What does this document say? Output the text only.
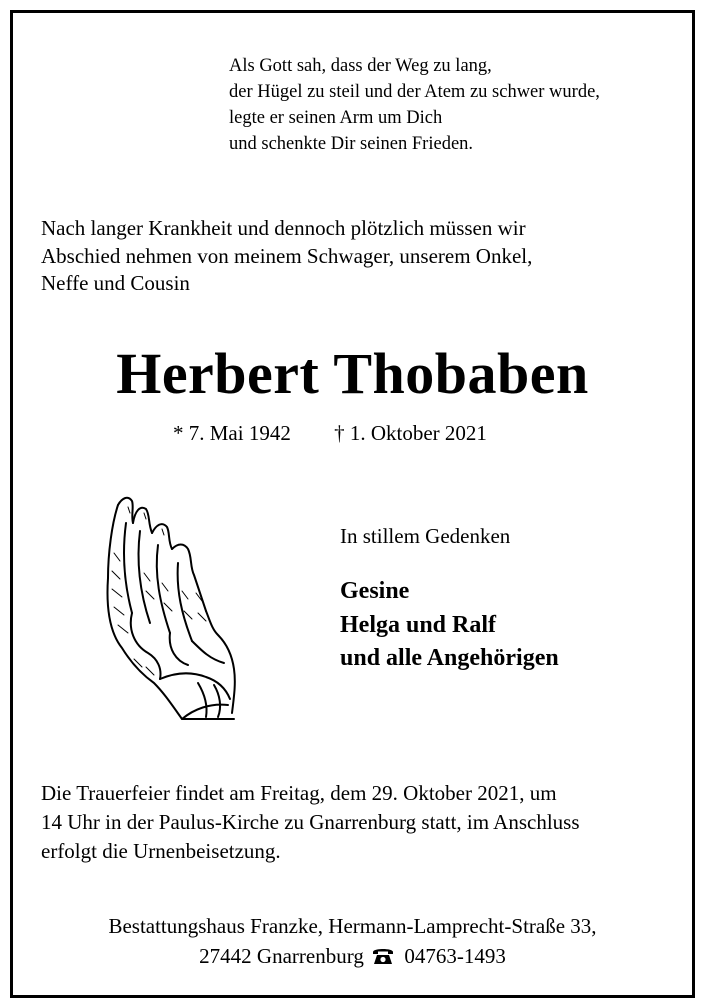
Als Gott sah, dass der Weg zu lang,
der Hügel zu steil und der Atem zu schwer wurde,
legte er seinen Arm um Dich
und schenkte Dir seinen Frieden.
Nach langer Krankheit und dennoch plötzlich müssen wir
Abschied nehmen von meinem Schwager, unserem Onkel,
Neffe und Cousin
Herbert Thobaben
* 7. Mai 1942 † 1. Oktober 2021
In stillem Gedenken
Gesine
Helga und Ralf
und alle Angehörigen
Die Trauerfeier findet am Freitag, dem 29. Oktober 2021, um
14 Uhr in der Paulus-Kirche zu Gnarrenburg statt, im Anschluss
erfolgt die Urnenbeisetzung.
Bestattungshaus Franzke, Hermann-Lamprecht-Straße 33,
27442 Gnarrenburg 04763-1493
